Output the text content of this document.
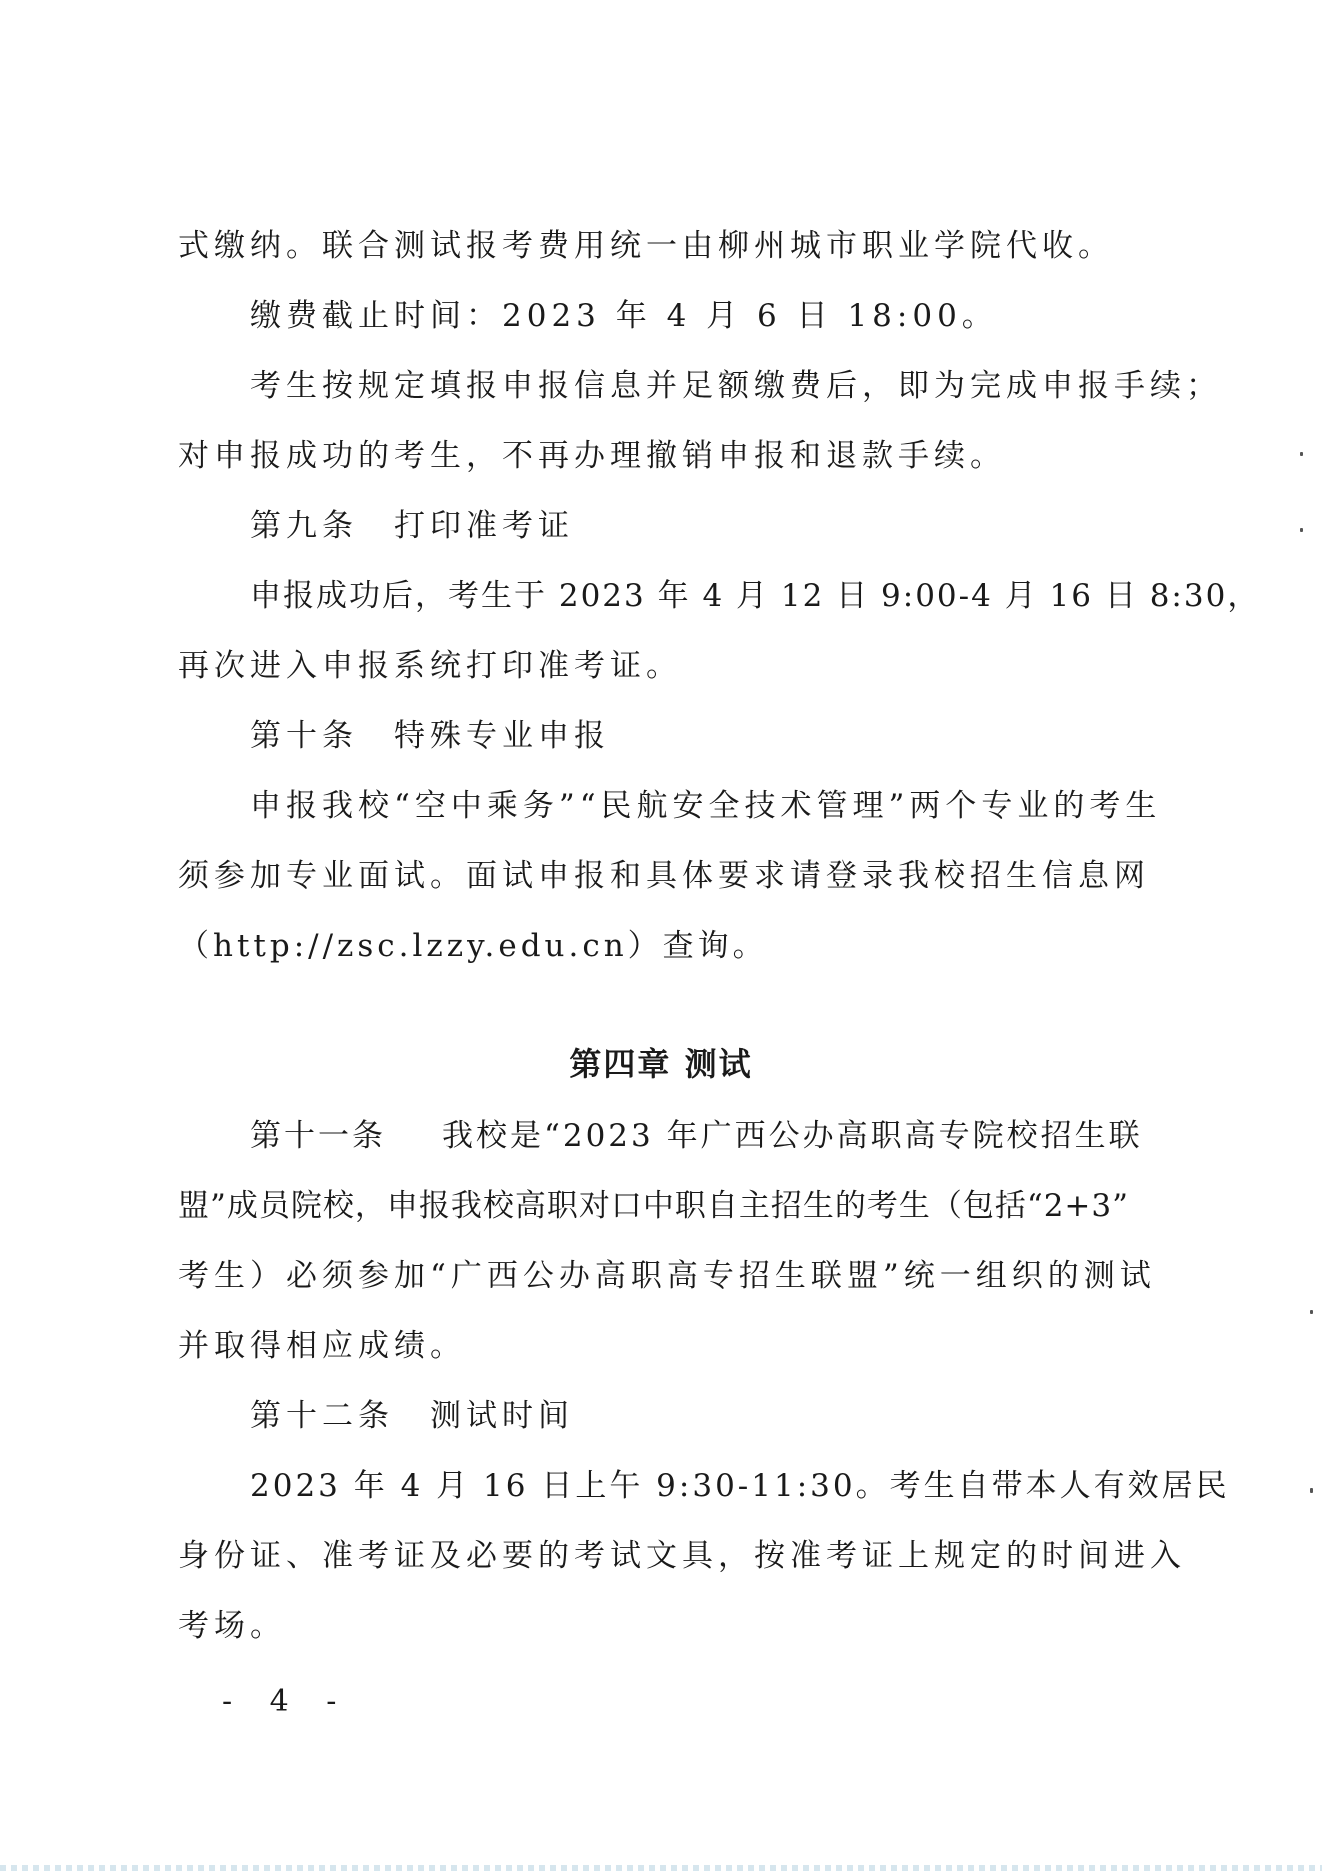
式缴纳。联合测试报考费用统一由柳州城市职业学院代收。
缴费截止时间：2023 年 4 月 6 日 18:00。
考生按规定填报申报信息并足额缴费后，即为完成申报手续；
对申报成功的考生，不再办理撤销申报和退款手续。
第九条 打印准考证
申报成功后，考生于 2023 年 4 月 12 日 9:00-4 月 16 日 8:30，
再次进入申报系统打印准考证。
第十条 特殊专业申报
申报我校“空中乘务”“民航安全技术管理”两个专业的考生
须参加专业面试。面试申报和具体要求请登录我校招生信息网
（http://zsc.lzzy.edu.cn）查询。
第四章 测试
第十一条 我校是“2023 年广西公办高职高专院校招生联
盟”成员院校，申报我校高职对口中职自主招生的考生（包括“2+3”
考生）必须参加“广西公办高职高专招生联盟”统一组织的测试
并取得相应成绩。
第十二条 测试时间
2023 年 4 月 16 日上午 9:30-11:30。考生自带本人有效居民
身份证、准考证及必要的考试文具，按准考证上规定的时间进入
考场。
- 4 -
